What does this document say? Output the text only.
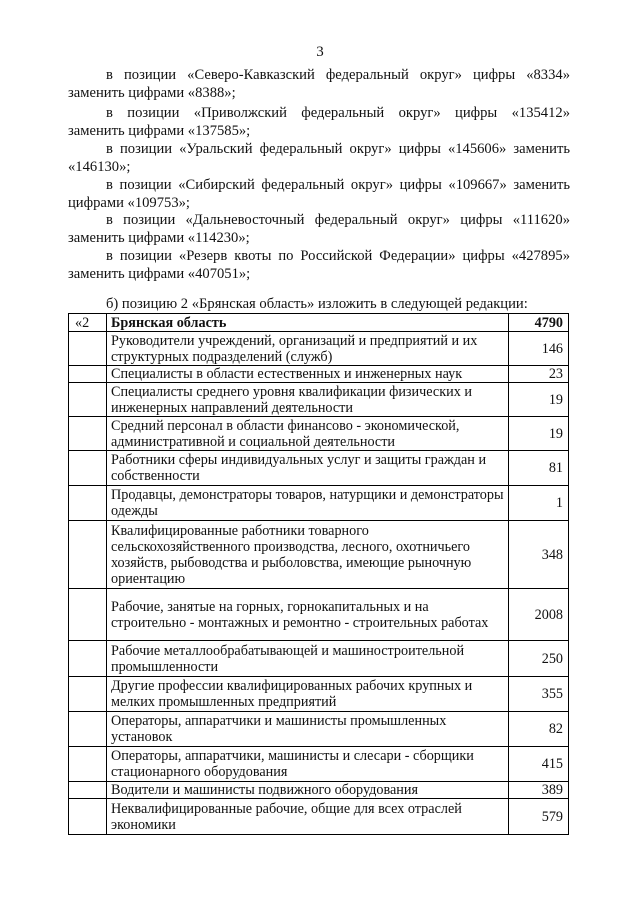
3
в позиции «Северо-Кавказский федеральный округ» цифры «8334»
заменить цифрами «8388»;
в позиции «Приволжский федеральный округ» цифры «135412»
заменить цифрами «137585»;
в позиции «Уральский федеральный округ» цифры «145606» заменить
«146130»;
в позиции «Сибирский федеральный округ» цифры «109667» заменить
цифрами «109753»;
в позиции «Дальневосточный федеральный округ» цифры «111620»
заменить цифрами «114230»;
в позиции «Резерв квоты по Российской Федерации» цифры «427895»
заменить цифрами «407051»;
б) позицию 2 «Брянская область» изложить в следующей редакции:
«2	Брянская область	4790
	Руководители учреждений, организаций и предприятий и их структурных подразделений (служб)	146
	Специалисты в области естественных и инженерных наук	23
	Специалисты среднего уровня квалификации физических и инженерных направлений деятельности	19
	Средний персонал в области финансово - экономической, административной и социальной деятельности	19
	Работники сферы индивидуальных услуг и защиты граждан и собственности	81
	Продавцы, демонстраторы товаров, натурщики и демонстраторы одежды	1
	Квалифицированные работники товарного сельскохозяйственного производства, лесного, охотничьего хозяйств, рыбоводства и рыболовства, имеющие рыночную ориентацию	348
	Рабочие, занятые на горных, горнокапитальных и на строительно - монтажных и ремонтно - строительных работах	2008
	Рабочие металлообрабатывающей и машиностроительной промышленности	250
	Другие профессии квалифицированных рабочих крупных и мелких промышленных предприятий	355
	Операторы, аппаратчики и машинисты промышленных установок	82
	Операторы, аппаратчики, машинисты и слесари - сборщики стационарного оборудования	415
	Водители и машинисты подвижного оборудования	389
	Неквалифицированные рабочие, общие для всех отраслей экономики	579
